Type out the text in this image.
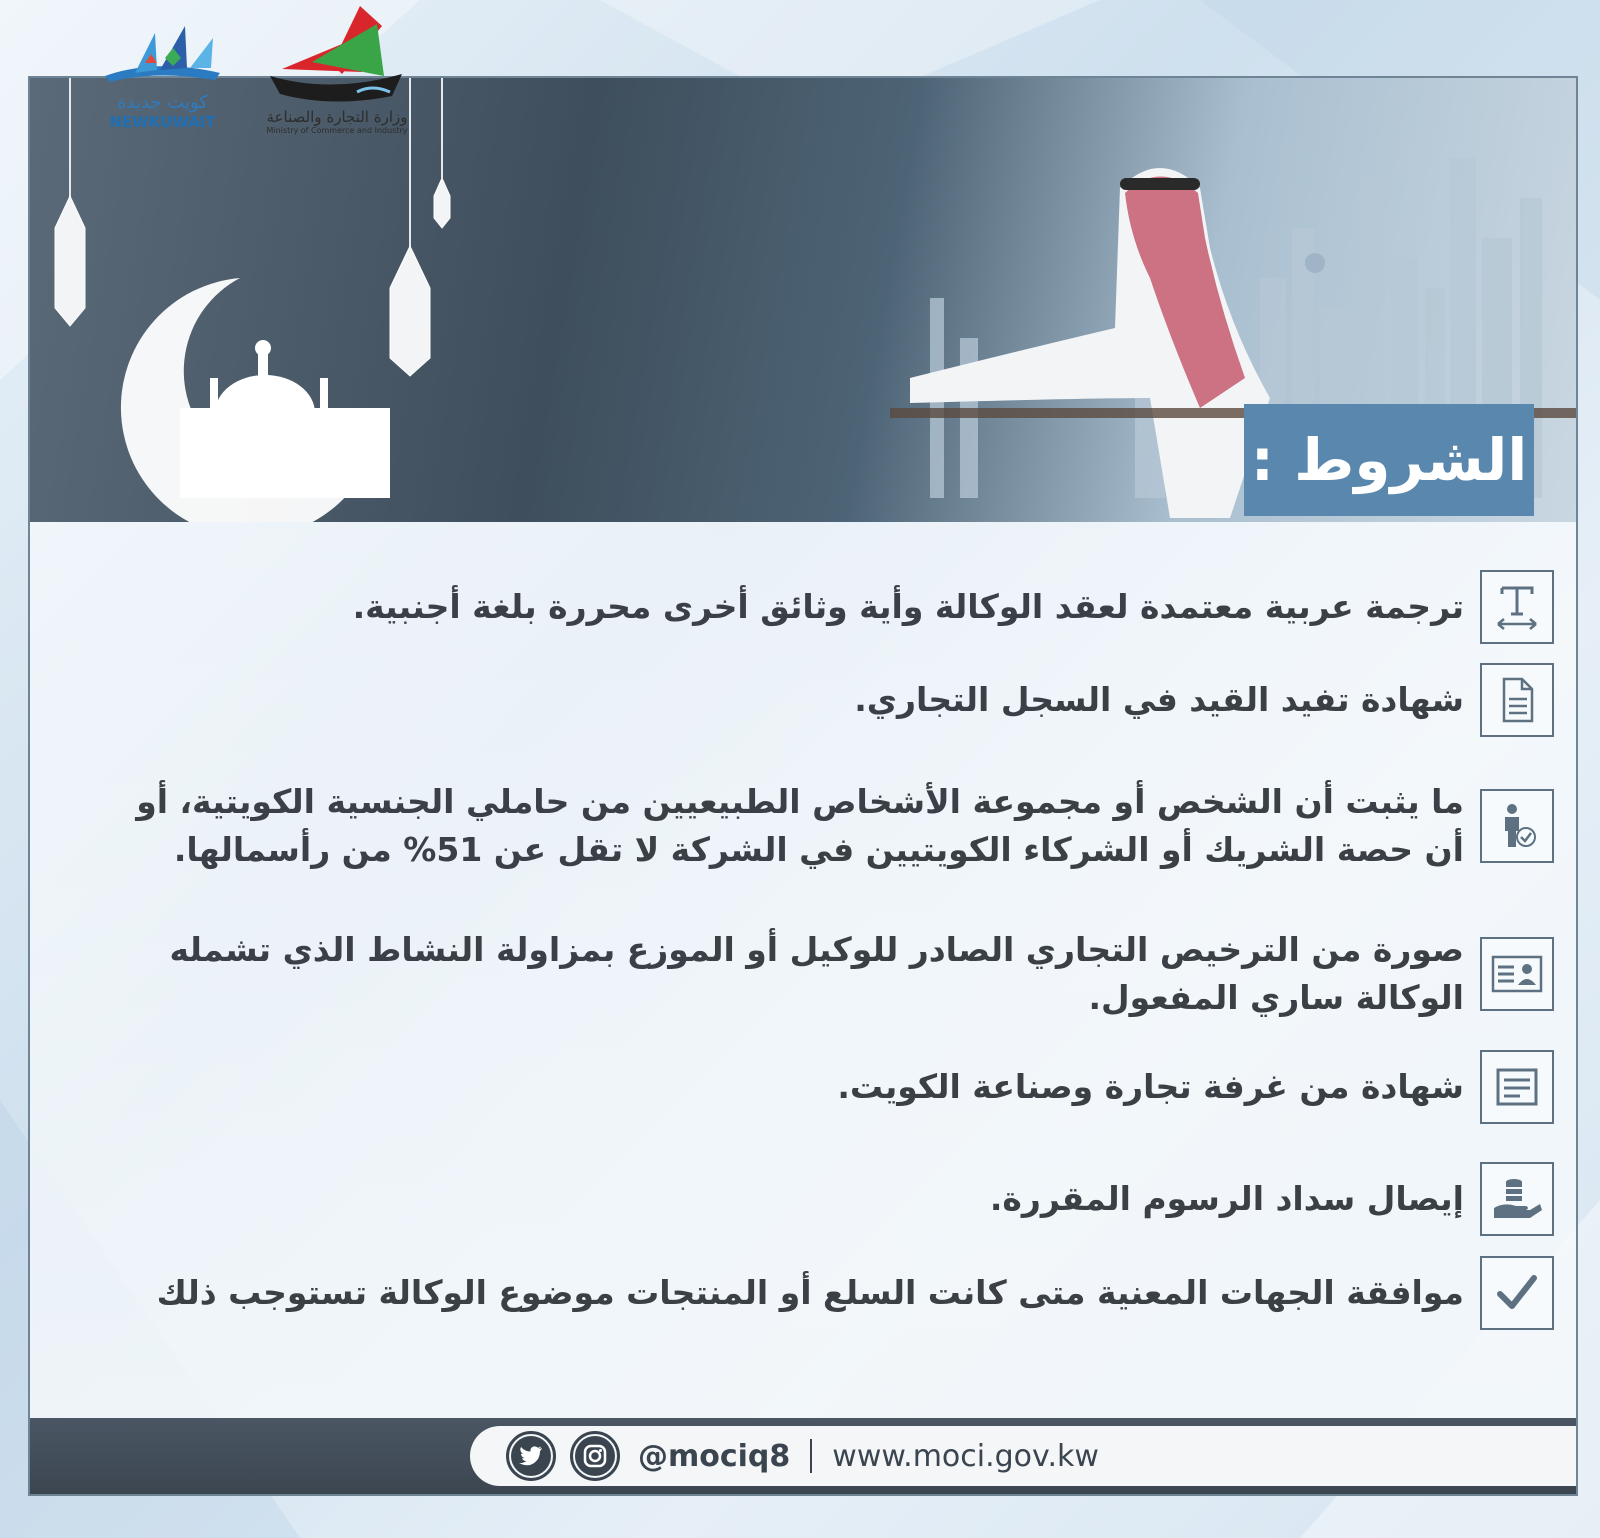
كويت جديدة
NEWKUWAIT	وزارة التجارة والصناعة
Ministry of Commerce and Industry
الشروط :
@mociq8 www.moci.gov.kw
ترجمة عربية معتمدة لعقد الوكالة وأية وثائق أخرى محررة بلغة أجنبية.
شهادة تفيد القيد في السجل التجاري.
ما يثبت أن الشخص أو مجموعة الأشخاص الطبيعيين من حاملي الجنسية الكويتية، أو أن حصة الشريك أو الشركاء الكويتيين في الشركة لا تقل عن 51% من رأسمالها.
صورة من الترخيص التجاري الصادر للوكيل أو الموزع بمزاولة النشاط الذي تشمله الوكالة ساري المفعول.
شهادة من غرفة تجارة وصناعة الكويت.
إيصال سداد الرسوم المقررة.
موافقة الجهات المعنية متى كانت السلع أو المنتجات موضوع الوكالة تستوجب ذلك
